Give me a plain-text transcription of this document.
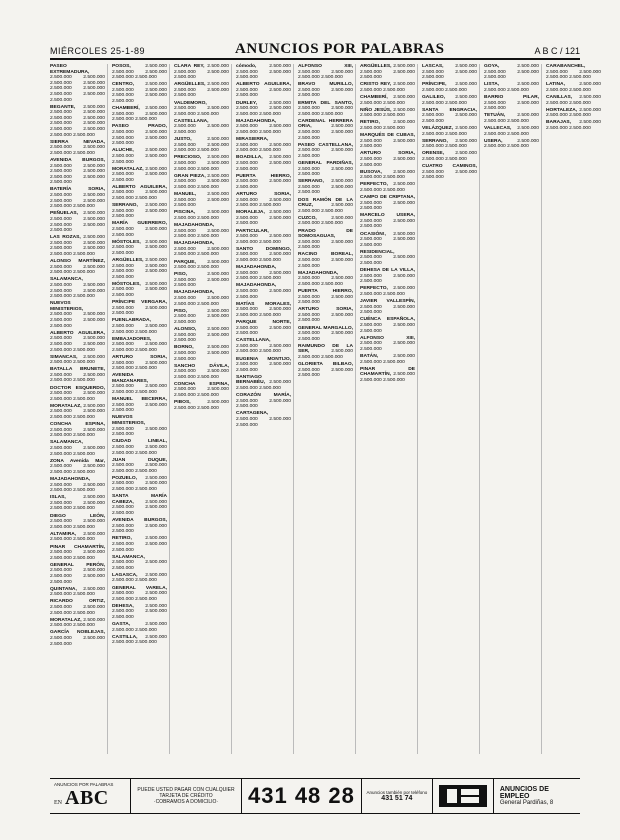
MIÉRCOLES 25-1-89	ANUNCIOS POR PALABRAS	A B C / 121

PASEO EXTREMADURA, 2.500.000 2.500.000 2.500.000 2.500.000 2.500.000 2.500.000 2.500.000 2.500.000 2.500.000

BEGANTE, 2.500.000 2.500.000 2.500.000 2.500.000 2.500.000 2.500.000 2.500.000 2.500.000 2.500.000 2.500.000 2.500.000

SIERRA NEVADA, 2.500.000 2.500.000 2.500.000 2.500.000

AVENIDA BURGOS, 2.500.000 2.500.000 2.500.000 2.500.000 2.500.000 2.500.000 2.500.000

BATERÍA SORIA, 2.500.000 2.500.000 2.500.000 2.500.000 2.500.000 2.500.000

PEÑUELAS, 2.500.000 2.500.000 2.500.000 2.500.000 2.500.000 2.500.000

LAS ROZAS, 2.500.000 2.500.000 2.500.000 2.500.000 2.500.000 2.500.000 2.500.000

ALONSO MARTÍNEZ, 2.500.000 2.500.000 2.500.000 2.500.000

SALAMANCA, 2.500.000 2.500.000 2.500.000 2.500.000 2.500.000 2.500.000

NUEVOS MINISTERIOS, 2.500.000 2.500.000 2.500.000 2.500.000 2.500.000

ALBERTO AGUILERA, 2.500.000 2.500.000 2.500.000 2.500.000 2.500.000 2.500.000

SIMANCAS, 2.500.000 2.500.000 2.500.000

BATALLA BRUNETE, 2.500.000 2.500.000 2.500.000 2.500.000

DOCTOR ESQUERDO, 2.500.000 2.500.000 2.500.000 2.500.000

MORATALAZ, 2.500.000 2.500.000 2.500.000 2.500.000 2.500.000

CONCHA ESPINA, 2.500.000 2.500.000 2.500.000 2.500.000

SALAMANCA, 2.500.000 2.500.000 2.500.000 2.500.000

ZONA Avenida Mar, 2.500.000 2.500.000 2.500.000 2.500.000

MAJADAHONDA, 2.500.000 2.500.000 2.500.000 2.500.000

ISLAS,	2.500.000 2.500.000 2.500.000 2.500.000 2.500.000

DIEGO LEÓN, 2.500.000 2.500.000 2.500.000 2.500.000

ALTAMIRA, 2.500.000 2.500.000 2.500.000

PINAR CHAMARTÍN, 2.500.000 2.500.000 2.500.000 2.500.000

GENERAL PERÓN, 2.500.000 2.500.000 2.500.000 2.500.000 2.500.000

QUINTANA, 2.500.000 2.500.000 2.500.000

RICARDO ORTIZ, 2.500.000 2.500.000 2.500.000 2.500.000

MORATALAZ, 2.500.000 2.500.000 2.500.000

GARCÍA NOBLEJAS, 2.500.000 2.500.000 2.500.000

POSOS,	2.500.000 2.500.000 2.500.000 2.500.000 2.500.000

CENTRO, 2.500.000 2.500.000 2.500.000 2.500.000 2.500.000 2.500.000

CHAMBERÍ, 2.500.000 2.500.000 2.500.000 2.500.000 2.500.000

PASEO PRADO, 2.500.000 2.500.000 2.500.000 2.500.000 2.500.000

ALUCHE, 2.500.000 2.500.000 2.500.000 2.500.000

MORATALAZ, 2.500.000 2.500.000 2.500.000 2.500.000

ALBERTO AGUILERA, 2.500.000 2.500.000 2.500.000 2.500.000

SERRANO, 2.500.000 2.500.000 2.500.000 2.500.000

MARÍA GUERRERO, 2.500.000 2.500.000 2.500.000

MÓSTOLES, 2.500.000 2.500.000 2.500.000 2.500.000

ARGÜELLES, 2.500.000 2.500.000 2.500.000 2.500.000 2.500.000 2.500.000

MÓSTOLES, 2.500.000 2.500.000 2.500.000 2.500.000

PRÍNCIPE VERGARA, 2.500.000 2.500.000 2.500.000

FUENLABRADA, 2.500.000 2.500.000 2.500.000 2.500.000

EMBAJADORES, 2.500.000 2.500.000 2.500.000 2.500.000

ARTURO SORIA, 2.500.000 2.500.000 2.500.000 2.500.000

AVENIDA MANZANARES, 2.500.000 2.500.000 2.500.000 2.500.000

MANUEL BECERRA, 2.500.000 2.500.000 2.500.000

NUEVOS MINISTERIOS, 2.500.000 2.500.000 2.500.000

CIUDAD LINEAL, 2.500.000 2.500.000 2.500.000 2.500.000

JUAN DUQUE, 2.500.000 2.500.000 2.500.000 2.500.000

POZUELO, 2.500.000 2.500.000 2.500.000 2.500.000 2.500.000

SANTA MARÍA CABEZA, 2.500.000 2.500.000 2.500.000 2.500.000

AVENIDA BURGOS, 2.500.000 2.500.000 2.500.000

RETIRO,	2.500.000 2.500.000 2.500.000 2.500.000

SALAMANCA, 2.500.000 2.500.000 2.500.000

LAGASCA, 2.500.000 2.500.000 2.500.000

GENERAL VARELA, 2.500.000 2.500.000 2.500.000 2.500.000

DEHESA, 2.500.000 2.500.000 2.500.000 2.500.000

GASTA,	2.500.000 2.500.000 2.500.000

CASTILLA, 2.500.000 2.500.000 2.500.000

CLARA REY, 2.500.000 2.500.000 2.500.000 2.500.000

ARGÜELLES, 2.500.000 2.500.000 2.500.000 2.500.000

VALDEMORO, 2.500.000 2.500.000 2.500.000 2.500.000

CASTELLANA, 2.500.000 2.500.000 2.500.000

JUSTO,	2.500.000 2.500.000 2.500.000 2.500.000 2.500.000

PRECIOSO, 2.500.000 2.500.000 2.500.000 2.500.000 2.500.000

GRAN PIEZA, 2.500.000 2.500.000 2.500.000 2.500.000 2.500.000

MANUEL, 2.500.000 2.500.000 2.500.000 2.500.000

PISCINA, 2.500.000 2.500.000 2.500.000

MAJADAHONDA, 2.500.000 2.500.000 2.500.000 2.500.000

MAJADAHONDA, 2.500.000 2.500.000 2.500.000 2.500.000

PARQUE, 2.500.000 2.500.000 2.500.000

PISO,	2.500.000 2.500.000 2.500.000 2.500.000

MAJADAHONDA, 2.500.000 2.500.000 2.500.000 2.500.000

PISO,	2.500.000 2.500.000 2.500.000 2.500.000

ALONSO, 2.500.000 2.500.000 2.500.000 2.500.000

BORNO,	2.500.000 2.500.000 2.500.000 2.500.000

SANCHO DÁVILA, 2.500.000 2.500.000 2.500.000 2.500.000

CONCHA ESPINA, 2.500.000 2.500.000 2.500.000 2.500.000

PIBOS,	2.500.000 2.500.000 2.500.000

cómodo,	2.500.000 2.500.000 2.500.000 2.500.000

ALBERTO AGUILERA, 2.500.000 2.500.000 2.500.000

DURLEY,	2.500.000 2.500.000 2.500.000 2.500.000 2.500.000

MAJADAHONDA, 2.500.000 2.500.000 2.500.000 2.500.000

MIRASIERRA, 2.500.000 2.500.000 2.500.000 2.500.000

BOADILLA, 2.500.000 2.500.000 2.500.000 2.500.000

PUERTA HIERRO, 2.500.000 2.500.000 2.500.000

ARTURO SORIA, 2.500.000 2.500.000 2.500.000 2.500.000

MORALEJA, 2.500.000 2.500.000 2.500.000 2.500.000

PARTICULAR, 2.500.000 2.500.000 2.500.000 2.500.000

SANTO DOMINGO, 2.500.000 2.500.000 2.500.000 2.500.000

MAJADAHONDA, 2.500.000 2.500.000 2.500.000 2.500.000

MAJADAHONDA, 2.500.000 2.500.000 2.500.000

MATÍAS MORALES, 2.500.000 2.500.000 2.500.000 2.500.000

PARQUE NORTE, 2.500.000 2.500.000 2.500.000

CASTELLANA, 2.500.000 2.500.000 2.500.000 2.500.000

EUGENIA MONTIJO, 2.500.000 2.500.000 2.500.000

SANTIAGO BERNABÉU, 2.500.000 2.500.000 2.500.000

CORAZÓN MARÍA, 2.500.000 2.500.000 2.500.000

CARTAGENA, 2.500.000 2.500.000 2.500.000

ALFONSO XIII, 2.500.000 2.500.000 2.500.000 2.500.000

BRAVO MURILLO, 2.500.000 2.500.000 2.500.000

ERMITA DEL SANTO, 2.500.000 2.500.000 2.500.000 2.500.000

CARDENAL HERRERA ORIA,	2.500.000 2.500.000 2.500.000 2.500.000

PASEO CASTELLANA, 2.500.000 2.500.000 2.500.000

GENERAL PARDIÑAS, 2.500.000 2.500.000 2.500.000

SERRANO, 2.500.000 2.500.000 2.500.000 2.500.000

DOS RAMÓN DE LA CRUZ,	2.500.000 2.500.000 2.500.000

CUZCO,	2.500.000 2.500.000 2.500.000

PRADO DE SOMOSAGUAS, 2.500.000 2.500.000 2.500.000

RACINO BOREAL, 2.500.000 2.500.000 2.500.000

MAJADAHONDA, 2.500.000 2.500.000 2.500.000 2.500.000

PUERTA HIERRO, 2.500.000 2.500.000 2.500.000

ARTURO SORIA, 2.500.000 2.500.000 2.500.000

GENERAL MARGALLO, 2.500.000 2.500.000 2.500.000

RAIMUNDO DE LA SER,	2.500.000 2.500.000 2.500.000

GLORIETA BILBAO, 2.500.000 2.500.000 2.500.000

ARGÜELLES, 2.500.000 2.500.000 2.500.000 2.500.000

CRISTO REY, 2.500.000 2.500.000 2.500.000

CHAMBERÍ, 2.500.000 2.500.000 2.500.000

NIÑO JESÚS, 2.500.000 2.500.000 2.500.000

RETIRO,	2.500.000 2.500.000 2.500.000

MARQUÉS DE CUBAS, 2.500.000 2.500.000 2.500.000

ARTURO SORIA, 2.500.000 2.500.000 2.500.000

BUSOVA, 2.500.000 2.500.000 2.500.000

PERFECTO, 2.500.000 2.500.000 2.500.000

CAMPO DE CRIPTANA, 2.500.000 2.500.000 2.500.000

MARCELO USERA, 2.500.000 2.500.000 2.500.000

OCASIÓN!, 2.500.000 2.500.000 2.500.000 2.500.000

RESIDENCIAL, 2.500.000 2.500.000 2.500.000

DEHESA DE LA VILLA, 2.500.000 2.500.000 2.500.000

PERFECTO, 2.500.000 2.500.000 2.500.000

JAVIER VALLESPÍN, 2.500.000 2.500.000 2.500.000

CUÉNCA ESPAÑOLA, 2.500.000 2.500.000 2.500.000

ALFONSO XIII, 2.500.000 2.500.000 2.500.000

BATÁN,	2.500.000 2.500.000 2.500.000

PINAR DE CHAMARTÍN, 2.500.000 2.500.000 2.500.000

LASCAS, 2.500.000 2.500.000 2.500.000 2.500.000

PRÍNCIPE, 2.500.000 2.500.000 2.500.000

GALILEO, 2.500.000 2.500.000 2.500.000

SANTA ENGRACIA, 2.500.000 2.500.000 2.500.000

VELÁZQUEZ, 2.500.000 2.500.000 2.500.000

SERRANO, 2.500.000 2.500.000 2.500.000

ORENSE, 2.500.000 2.500.000 2.500.000

CUATRO CAMINOS, 2.500.000 2.500.000 2.500.000

GOYA,	2.500.000 2.500.000 2.500.000 2.500.000

LISTA,	2.500.000 2.500.000 2.500.000

BARRIO PILAR, 2.500.000 2.500.000 2.500.000

TETUÁN, 2.500.000 2.500.000 2.500.000

VALLECAS, 2.500.000 2.500.000 2.500.000

USERA,	2.500.000 2.500.000 2.500.000

CARABANCHEL, 2.500.000 2.500.000 2.500.000 2.500.000

LATINA,	2.500.000 2.500.000 2.500.000

CANILLAS, 2.500.000 2.500.000 2.500.000

HORTALEZA, 2.500.000 2.500.000 2.500.000

BARAJAS, 2.500.000 2.500.000 2.500.000

ANUNCIOS POR PALABRAS
EN ABC	PUEDE USTED PAGAR CON CUALQUIER TARJETA DE CRÉDITO
·COBRAMOS A DOMICILIO·	431 48 28	Anuncios también por teléfono
431 51 74
ANUNCIOS DE EMPLEO
General Pardiñas, 8
